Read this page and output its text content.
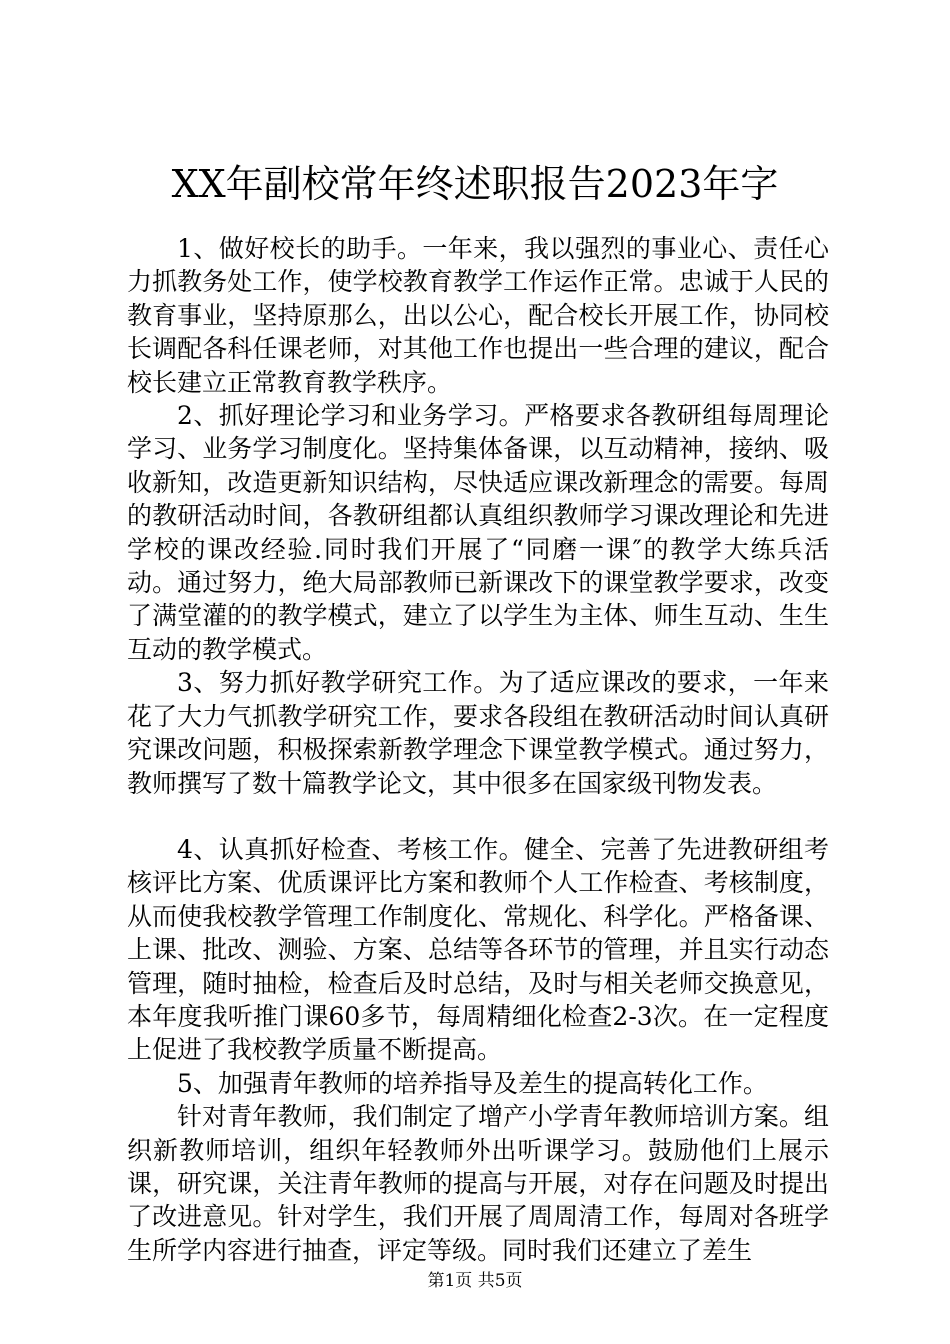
XX年副校常年终述职报告2023年字

1、做好校长的助手。一年来，我以强烈的事业心、责任心力抓教务处工作，使学校教育教学工作运作正常。忠诚于人民的教育事业，坚持原那么，出以公心，配合校长开展工作，协同校长调配各科任课老师，对其他工作也提出一些合理的建议，配合校长建立正常教育教学秩序。

2、抓好理论学习和业务学习。严格要求各教研组每周理论学习、业务学习制度化。坚持集体备课，以互动精神，接纳、吸收新知，改造更新知识结构，尽快适应课改新理念的需要。每周的教研活动时间，各教研组都认真组织教师学习课改理论和先进学校的课改经验.同时我们开展了“同磨一课″的教学大练兵活动。通过努力，绝大局部教师已新课改下的课堂教学要求，改变了满堂灌的的教学模式，建立了以学生为主体、师生互动、生生互动的教学模式。

3、努力抓好教学研究工作。为了适应课改的要求，一年来花了大力气抓教学研究工作，要求各段组在教研活动时间认真研究课改问题，积极探索新教学理念下课堂教学模式。通过努力，教师撰写了数十篇教学论文，其中很多在国家级刊物发表。

4、认真抓好检查、考核工作。健全、完善了先进教研组考核评比方案、优质课评比方案和教师个人工作检查、考核制度，从而使我校教学管理工作制度化、常规化、科学化。严格备课、上课、批改、测验、方案、总结等各环节的管理，并且实行动态管理，随时抽检，检查后及时总结，及时与相关老师交换意见，本年度我听推门课60多节，每周精细化检查2-3次。在一定程度上促进了我校教学质量不断提高。

5、加强青年教师的培养指导及差生的提高转化工作。

针对青年教师，我们制定了增产小学青年教师培训方案。组织新教师培训，组织年轻教师外出听课学习。鼓励他们上展示课，研究课，关注青年教师的提高与开展，对存在问题及时提出了改进意见。针对学生，我们开展了周周清工作，每周对各班学生所学内容进行抽查，评定等级。同时我们还建立了差生

第1页 共5页
